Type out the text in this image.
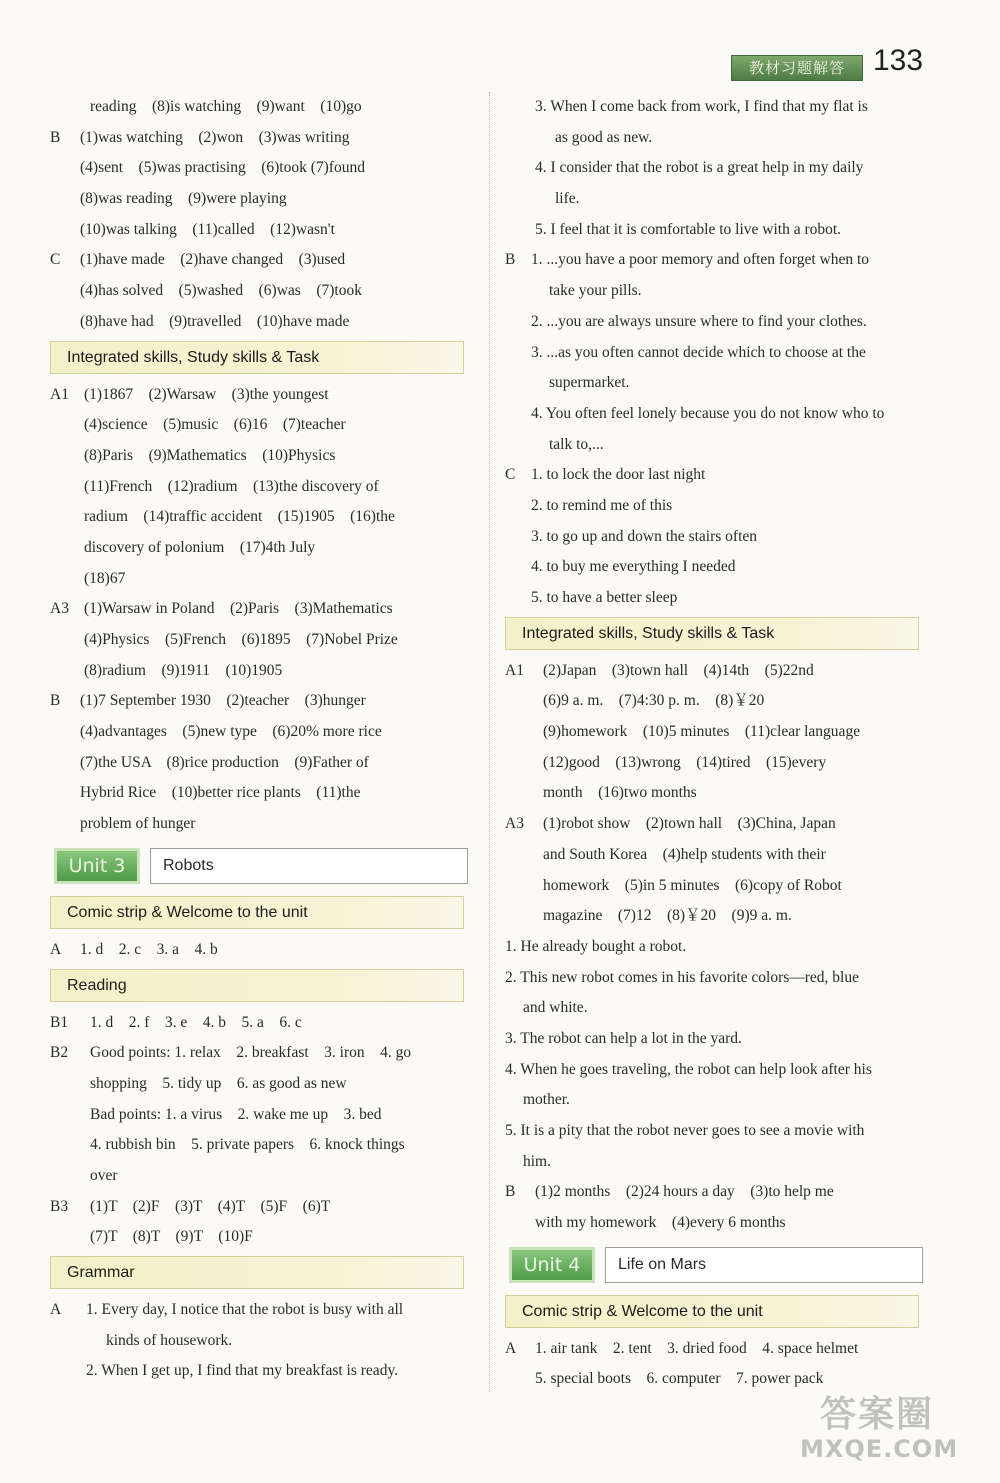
教材习题解答 133
reading　(8)is watching　(9)want　(10)go
B (1)was watching　(2)won　(3)was writing
(4)sent　(5)was practising　(6)took (7)found
(8)was reading　(9)were playing
(10)was talking　(11)called　(12)wasn't
C (1)have made　(2)have changed　(3)used
(4)has solved　(5)washed　(6)was　(7)took
(8)have had　(9)travelled　(10)have made
Integrated skills, Study skills & Task
A1 (1)1867　(2)Warsaw　(3)the youngest
(4)science　(5)music　(6)16　(7)teacher
(8)Paris　(9)Mathematics　(10)Physics
(11)French　(12)radium　(13)the discovery of
radium　(14)traffic accident　(15)1905　(16)the
discovery of polonium　(17)4th July
(18)67
A3 (1)Warsaw in Poland　(2)Paris　(3)Mathematics
(4)Physics　(5)French　(6)1895　(7)Nobel Prize
(8)radium　(9)1911　(10)1905
B (1)7 September 1930　(2)teacher　(3)hunger
(4)advantages　(5)new type　(6)20% more rice
(7)the USA　(8)rice production　(9)Father of
Hybrid Rice　(10)better rice plants　(11)the
problem of hunger
Unit 3	Robots
Comic strip & Welcome to the unit
A 1. d　2. c　3. a　4. b
Reading
B1 1. d　2. f　3. e　4. b　5. a　6. c
B2 Good points: 1. relax　2. breakfast　3. iron　4. go
shopping　5. tidy up　6. as good as new
Bad points: 1. a virus　2. wake me up　3. bed
4. rubbish bin　5. private papers　6. knock things
over
B3 (1)T　(2)F　(3)T　(4)T　(5)F　(6)T
(7)T　(8)T　(9)T　(10)F
Grammar
A 1. Every day, I notice that the robot is busy with all
kinds of housework.
2. When I get up, I find that my breakfast is ready.
3. When I come back from work, I find that my flat is
as good as new.
4. I consider that the robot is a great help in my daily
life.
5. I feel that it is comfortable to live with a robot.
B 1. ...you have a poor memory and often forget when to
take your pills.
2. ...you are always unsure where to find your clothes.
3. ...as you often cannot decide which to choose at the
supermarket.
4. You often feel lonely because you do not know who to
talk to,...
C 1. to lock the door last night
2. to remind me of this
3. to go up and down the stairs often
4. to buy me everything I needed
5. to have a better sleep
Integrated skills, Study skills & Task
A1 (2)Japan　(3)town hall　(4)14th　(5)22nd
(6)9 a. m.　(7)4:30 p. m.　(8)￥20
(9)homework　(10)5 minutes　(11)clear language
(12)good　(13)wrong　(14)tired　(15)every
month　(16)two months
A3 (1)robot show　(2)town hall　(3)China, Japan
and South Korea　(4)help students with their
homework　(5)in 5 minutes　(6)copy of Robot
magazine　(7)12　(8)￥20　(9)9 a. m.
1. He already bought a robot.
2. This new robot comes in his favorite colors—red, blue
and white.
3. The robot can help a lot in the yard.
4. When he goes traveling, the robot can help look after his
mother.
5. It is a pity that the robot never goes to see a movie with
him.
B (1)2 months　(2)24 hours a day　(3)to help me
with my homework　(4)every 6 months
Unit 4	Life on Mars
Comic strip & Welcome to the unit
A 1. air tank　2. tent　3. dried food　4. space helmet
5. special boots　6. computer　7. power pack
答案圈
MXQE.COM
